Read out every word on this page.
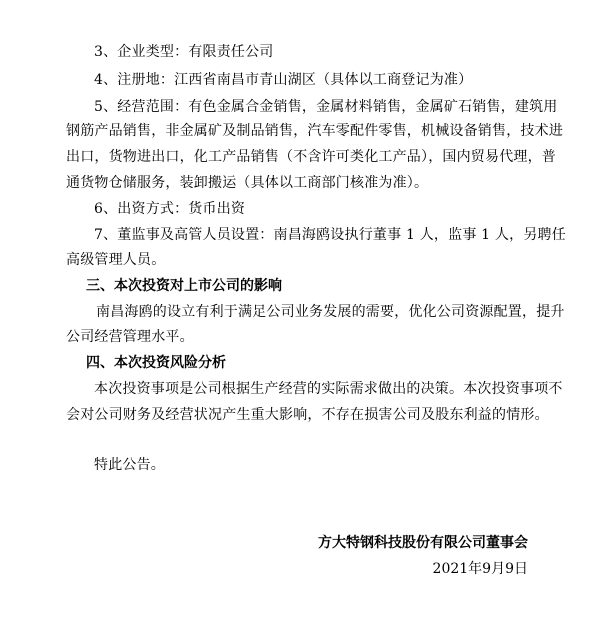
3、企业类型：有限责任公司
4、注册地：江西省南昌市青山湖区（具体以工商登记为准）
5、经营范围：有色金属合金销售，金属材料销售，金属矿石销售，建筑用
钢筋产品销售，非金属矿及制品销售，汽车零配件零售，机械设备销售，技术进
出口，货物进出口，化工产品销售（不含许可类化工产品），国内贸易代理，普
通货物仓储服务，装卸搬运（具体以工商部门核准为准）。
6、出资方式：货币出资
7、董监事及高管人员设置：南昌海鸥设执行董事 1 人，监事 1 人，另聘任
高级管理人员。
三、本次投资对上市公司的影响
南昌海鸥的设立有利于满足公司业务发展的需要，优化公司资源配置，提升
公司经营管理水平。
四、本次投资风险分析
本次投资事项是公司根据生产经营的实际需求做出的决策。本次投资事项不
会对公司财务及经营状况产生重大影响，不存在损害公司及股东利益的情形。
特此公告。
方大特钢科技股份有限公司董事会
2021年9月9日
